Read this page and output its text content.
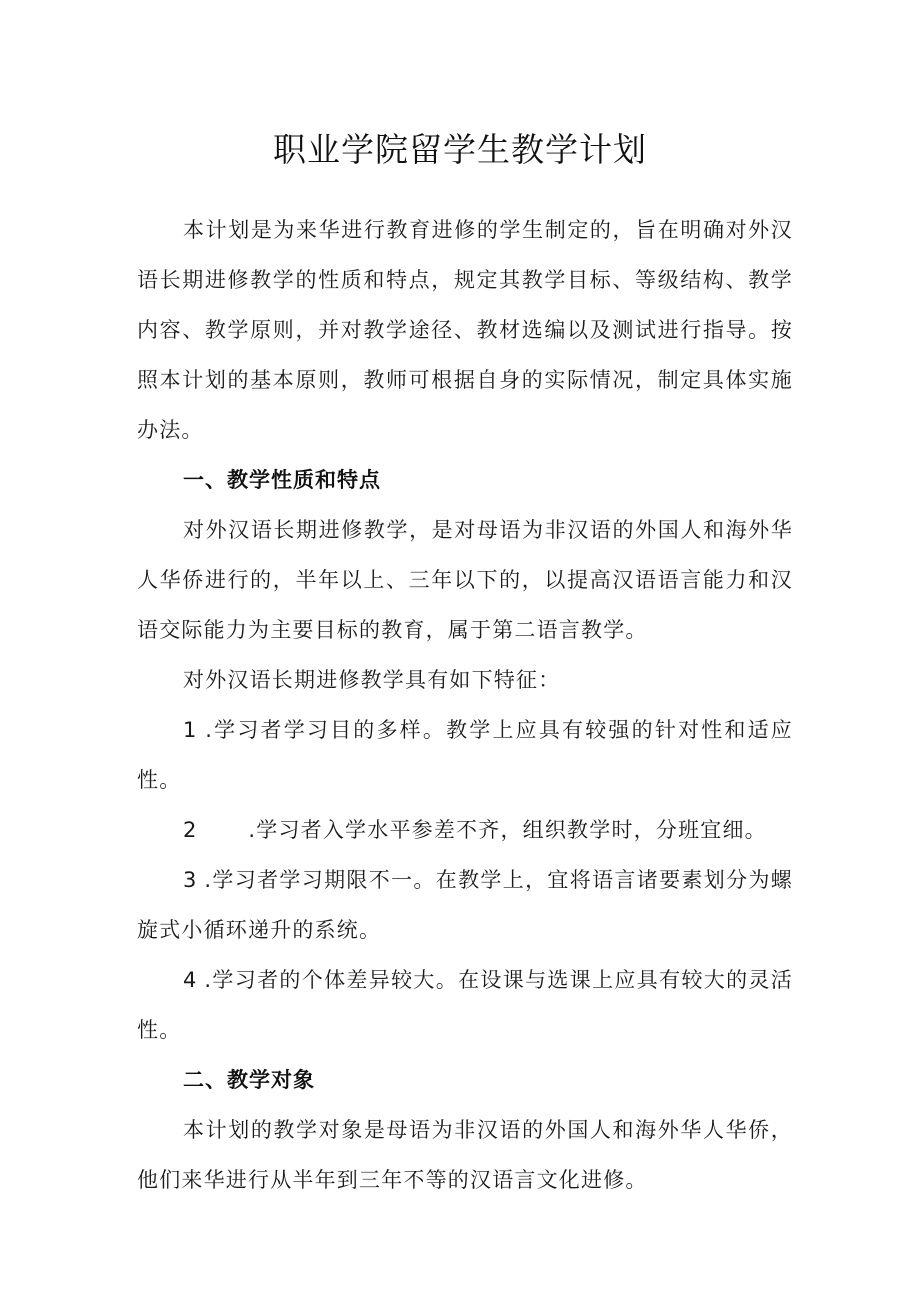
职业学院留学生教学计划

本计划是为来华进行教育进修的学生制定的，旨在明确对外汉语长期进修教学的性质和特点，规定其教学目标、等级结构、教学内容、教学原则，并对教学途径、教材选编以及测试进行指导。按照本计划的基本原则，教师可根据自身的实际情况，制定具体实施办法。

一、教学性质和特点

对外汉语长期进修教学，是对母语为非汉语的外国人和海外华人华侨进行的，半年以上、三年以下的，以提高汉语语言能力和汉语交际能力为主要目标的教育，属于第二语言教学。

对外汉语长期进修教学具有如下特征：

1 .学习者学习目的多样。教学上应具有较强的针对性和适应性。

2 .学习者入学水平参差不齐，组织教学时，分班宜细。

3 .学习者学习期限不一。在教学上，宜将语言诸要素划分为螺旋式小循环递升的系统。

4 .学习者的个体差异较大。在设课与选课上应具有较大的灵活性。

二、教学对象

本计划的教学对象是母语为非汉语的外国人和海外华人华侨，他们来华进行从半年到三年不等的汉语言文化进修。
